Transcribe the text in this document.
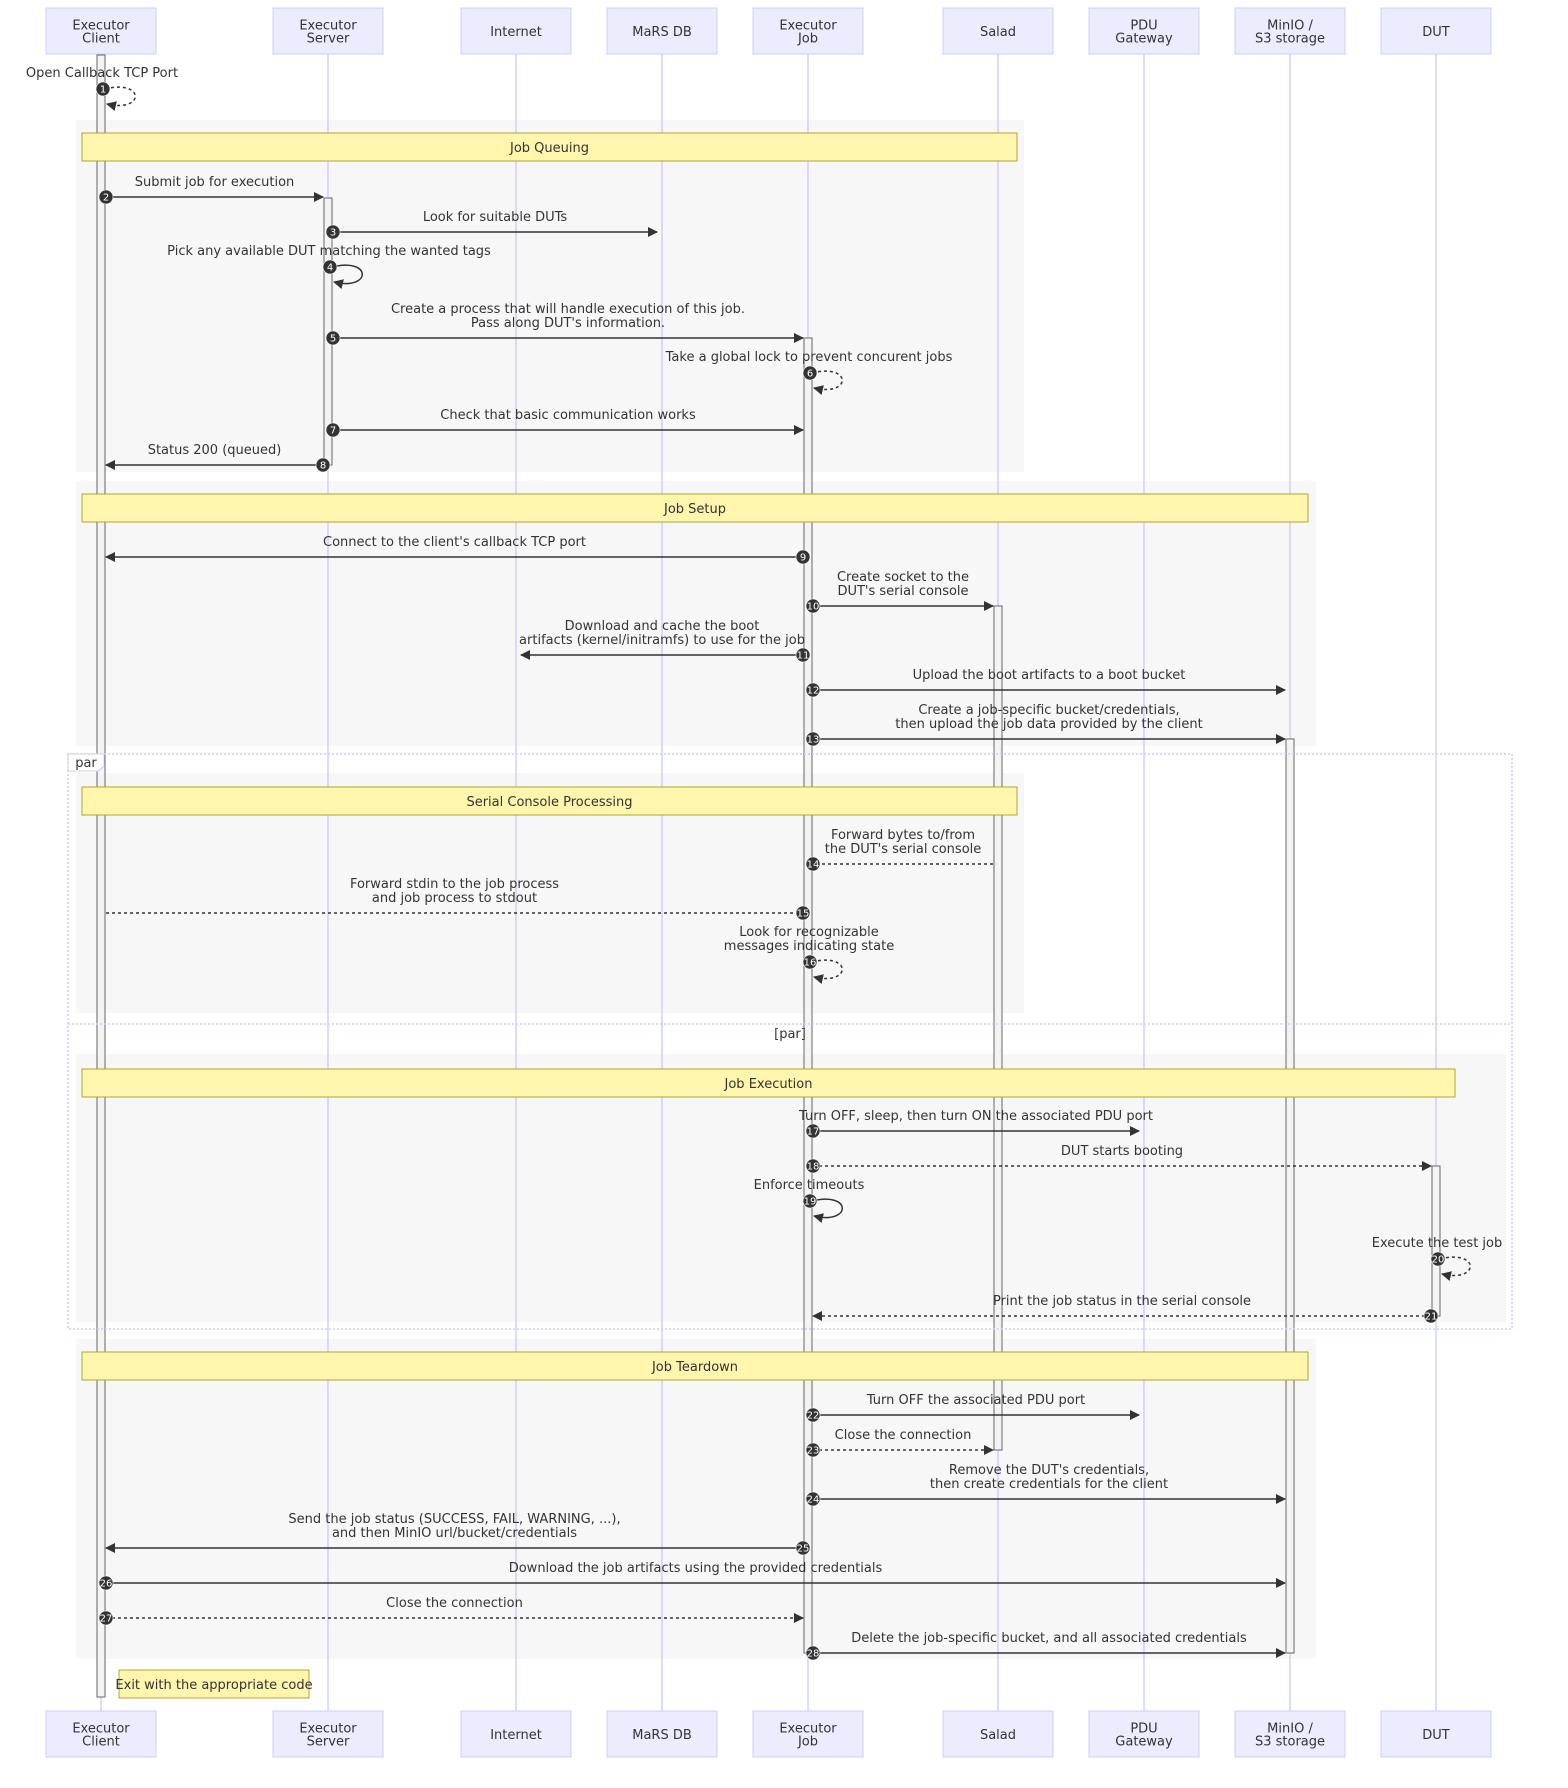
par
[par]
Job Queuing
Job Setup
Serial Console Processing
Job Execution
Job Teardown
Exit with the appropriate code
Open Callback TCP Port
1
Submit job for execution
2
Look for suitable DUTs
3
Pick any available DUT matching the wanted tags
4
Create a process that will handle execution of this job.
Pass along DUT's information.
5
Take a global lock to prevent concurent jobs
6
Check that basic communication works
7
Status 200 (queued)
8
Connect to the client's callback TCP port
9
Create socket to the
DUT's serial console
10
Download and cache the boot
artifacts (kernel/initramfs) to use for the job
11
Upload the boot artifacts to a boot bucket
12
Create a job-specific bucket/credentials,
then upload the job data provided by the client
13
Forward bytes to/from
the DUT's serial console
14
Forward stdin to the job process
and job process to stdout
15
Look for recognizable
messages indicating state
16
Turn OFF, sleep, then turn ON the associated PDU port
17
DUT starts booting
18
Enforce timeouts
19
Execute the test job
20
Print the job status in the serial console
21
Turn OFF the associated PDU port
22
Close the connection
23
Remove the DUT's credentials,
then create credentials for the client
24
Send the job status (SUCCESS, FAIL, WARNING, ...),
and then MinIO url/bucket/credentials
25
Download the job artifacts using the provided credentials
26
Close the connection
27
Delete the job-specific bucket, and all associated credentials
28
Executor
Client
Executor
Server	Internet	MaRS DB	Executor
Job	Salad	PDU
Gateway
MinIO /
S3 storage	DUT
Executor
Client
Executor
Server	Internet	MaRS DB	Executor
Job	Salad	PDU
Gateway
MinIO /
S3 storage	DUT
